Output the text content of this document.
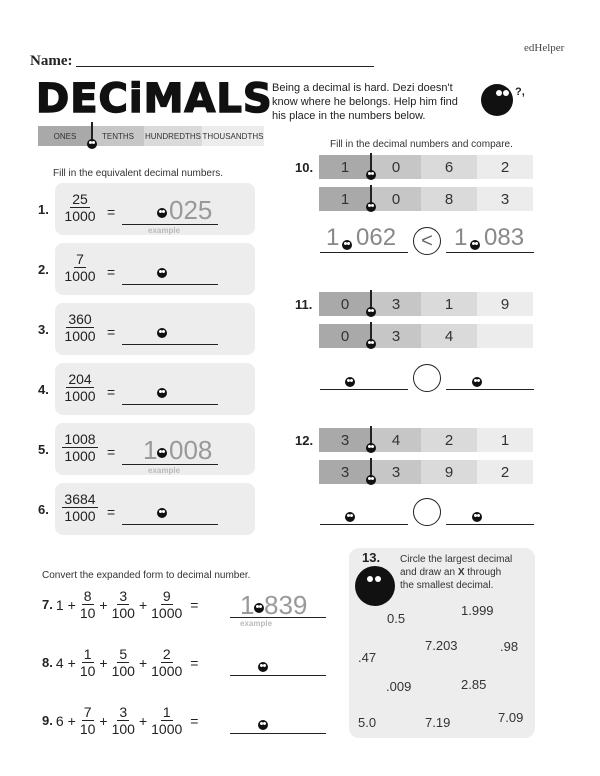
edHelper
Name:
DECiMALS Being a decimal is hard. Dezi doesn't know where he belongs. Help him find his place in the numbers below.
?,
ONES	TENTHS	HUNDREDTHS THOUSANDTHS
Fill in the equivalent decimal numbers.
1. $\frac{25}{1000} = 025$
example
2. $\frac{7}{1000}$ =
3. $\frac{360}{1000}$ =
4. $\frac{204}{1000}$ =
5. $\frac{1008}{1000} = 1$ 008
example
6. $\frac{3684}{1000}$ =
Fill in the decimal numbers and compare.
10.	1	0	6	2
1	0	8	3
1 062 < 1 083
11.	0	3	1	9
0	3	4
12.	3	4	2	1
3	3	9	2
Convert the expanded form to decimal number.
7. $1 + \frac{8}{10} + \frac{3}{100} + \frac{9}{1000} = 1$ 839
example
8. $4 + \frac{1}{10} + \frac{5}{100} + \frac{2}{1000}$ =
9. $6 + \frac{7}{10} + \frac{3}{100} + \frac{1}{1000}$ =
13. Circle the largest decimal
and draw an X through
the smallest decimal.
0.5
1.999
7.203	.98
.47
.009	2.85
5.0	7.19	7.09
